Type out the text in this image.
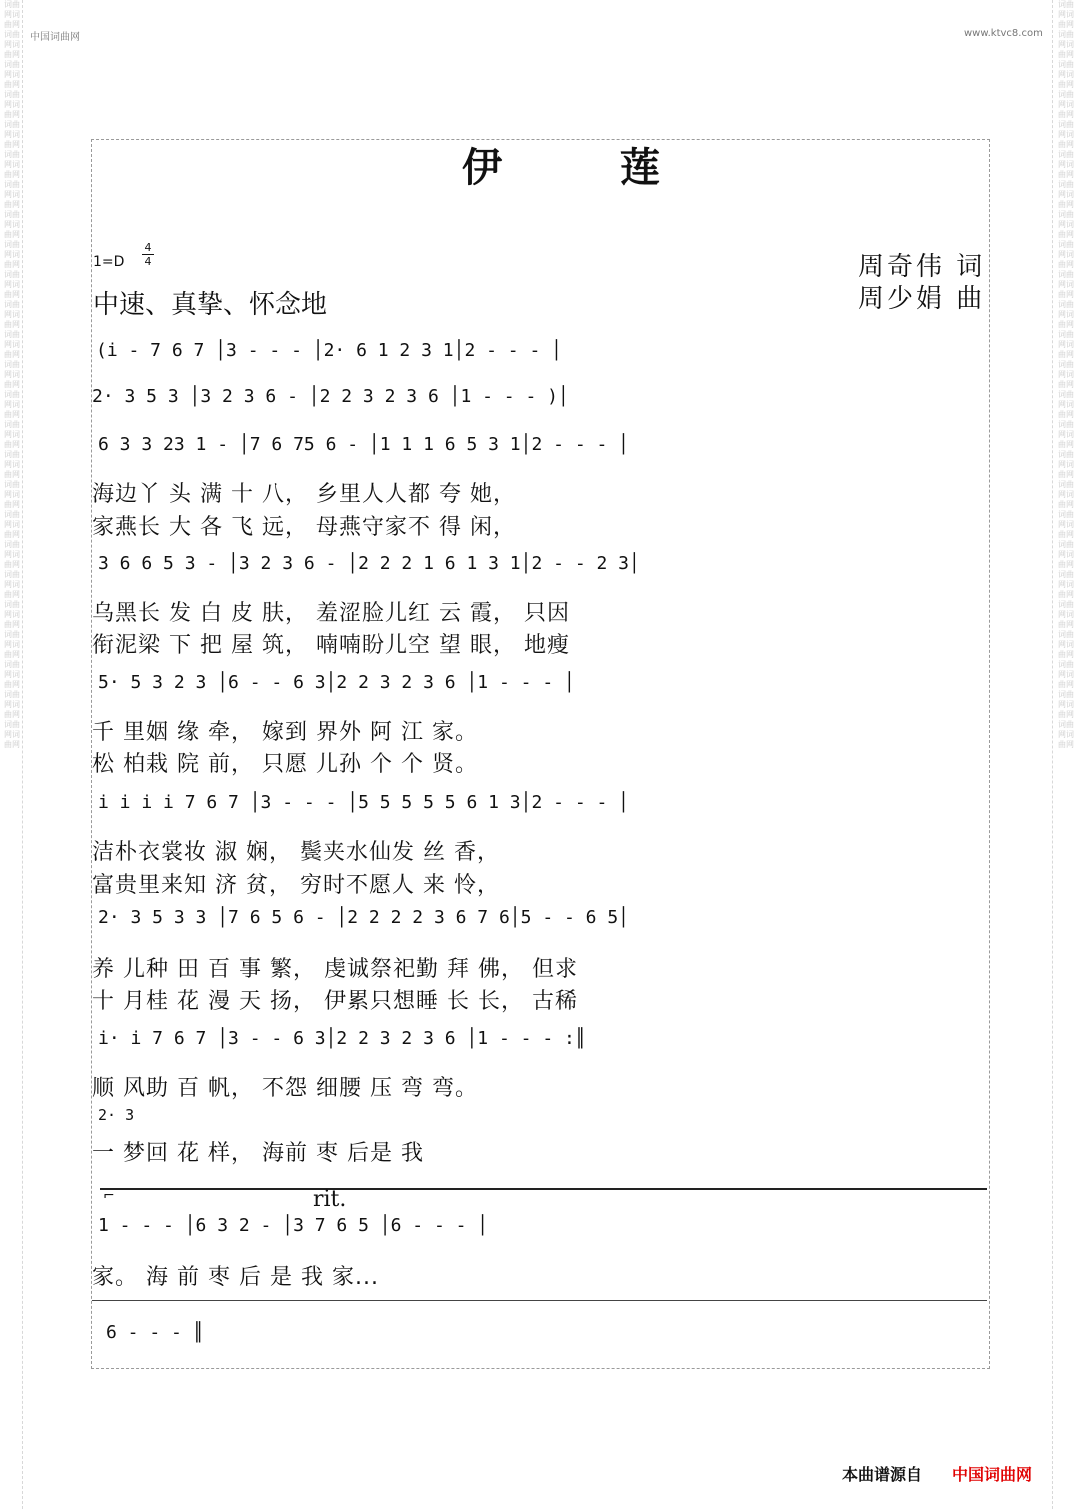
中国词曲网	www.ktvc8.com
词曲网词曲网词曲网词曲网词曲网词曲网词曲网词曲网词曲网词曲网词曲网词曲网词曲网词曲网词曲网词曲网词曲网词曲网词曲网词曲网词曲网词曲网词曲网词曲网词曲网词曲网词曲网词曲网词曲网词曲网词曲网词曲网词曲网词曲网词曲网词曲网词曲网词曲网词曲网词曲网词曲网词曲网词曲网词曲网词曲网词曲网词曲网词曲网词曲网词曲网
词曲网词曲网词曲网词曲网词曲网词曲网词曲网词曲网词曲网词曲网词曲网词曲网词曲网词曲网词曲网词曲网词曲网词曲网词曲网词曲网词曲网词曲网词曲网词曲网词曲网词曲网词曲网词曲网词曲网词曲网词曲网词曲网词曲网词曲网词曲网词曲网词曲网词曲网词曲网词曲网词曲网词曲网词曲网词曲网词曲网词曲网词曲网词曲网词曲网词曲网
伊 莲
1=D
4
4
中速、真挚、怀念地
周奇伟 词
周少娟 曲
(i - 7 6 7 │3 - - - │2· 6 1 2 3 1│2 - - - │
2· 3 5 3 │3 2 3 6 - │2 2 3 2 3 6 │1 - - - )│
6 3 3 23 1 - │7 6 75 6 - │1 1 1 6 5 3 1│2 - - - │
海边丫 头 满 十 八， 乡里人人都 夸 她，
家燕长 大 各 飞 远， 母燕守家不 得 闲，
3 6 6 5 3 - │3 2 3 6 - │2 2 2 1 6 1 3 1│2 - - 2 3│
乌黑长 发 白 皮 肤， 羞涩脸儿红 云 霞， 只因
衔泥梁 下 把 屋 筑， 喃喃盼儿空 望 眼， 地瘦
5· 5 3 2 3 │6 - - 6 3│2 2 3 2 3 6 │1 - - - │
千 里姻 缘 牵， 嫁到 界外 阿 江 家。
松 柏栽 院 前， 只愿 儿孙 个 个 贤。
i i i i 7 6 7 │3 - - - │5 5 5 5 5 6 1 3│2 - - - │
洁朴衣裳妆 淑 娴， 鬓夹水仙发 丝 香，
富贵里来知 济 贫， 穷时不愿人 来 怜，
2· 3 5 3 3 │7 6 5 6 - │2 2 2 2 3 6 7 6│5 - - 6 5│
养 儿种 田 百 事 繁， 虔诚祭祀勤 拜 佛， 但求
十 月桂 花 漫 天 扬， 伊累只想睡 长 长， 古稀
i· i 7 6 7 │3 - - 6 3│2 2 3 2 3 6 │1 - - - :║
顺 风助 百 帆， 不怨 细腰 压 弯 弯。
2· 3
一 梦回 花 样， 海前 枣 后是 我
⌐	rit.
1 - - - │6 3 2 - │3 7 6 5 │6 - - - │
家。 海 前 枣 后 是 我 家...
6 - - - ║
本曲谱源自 中国词曲网
